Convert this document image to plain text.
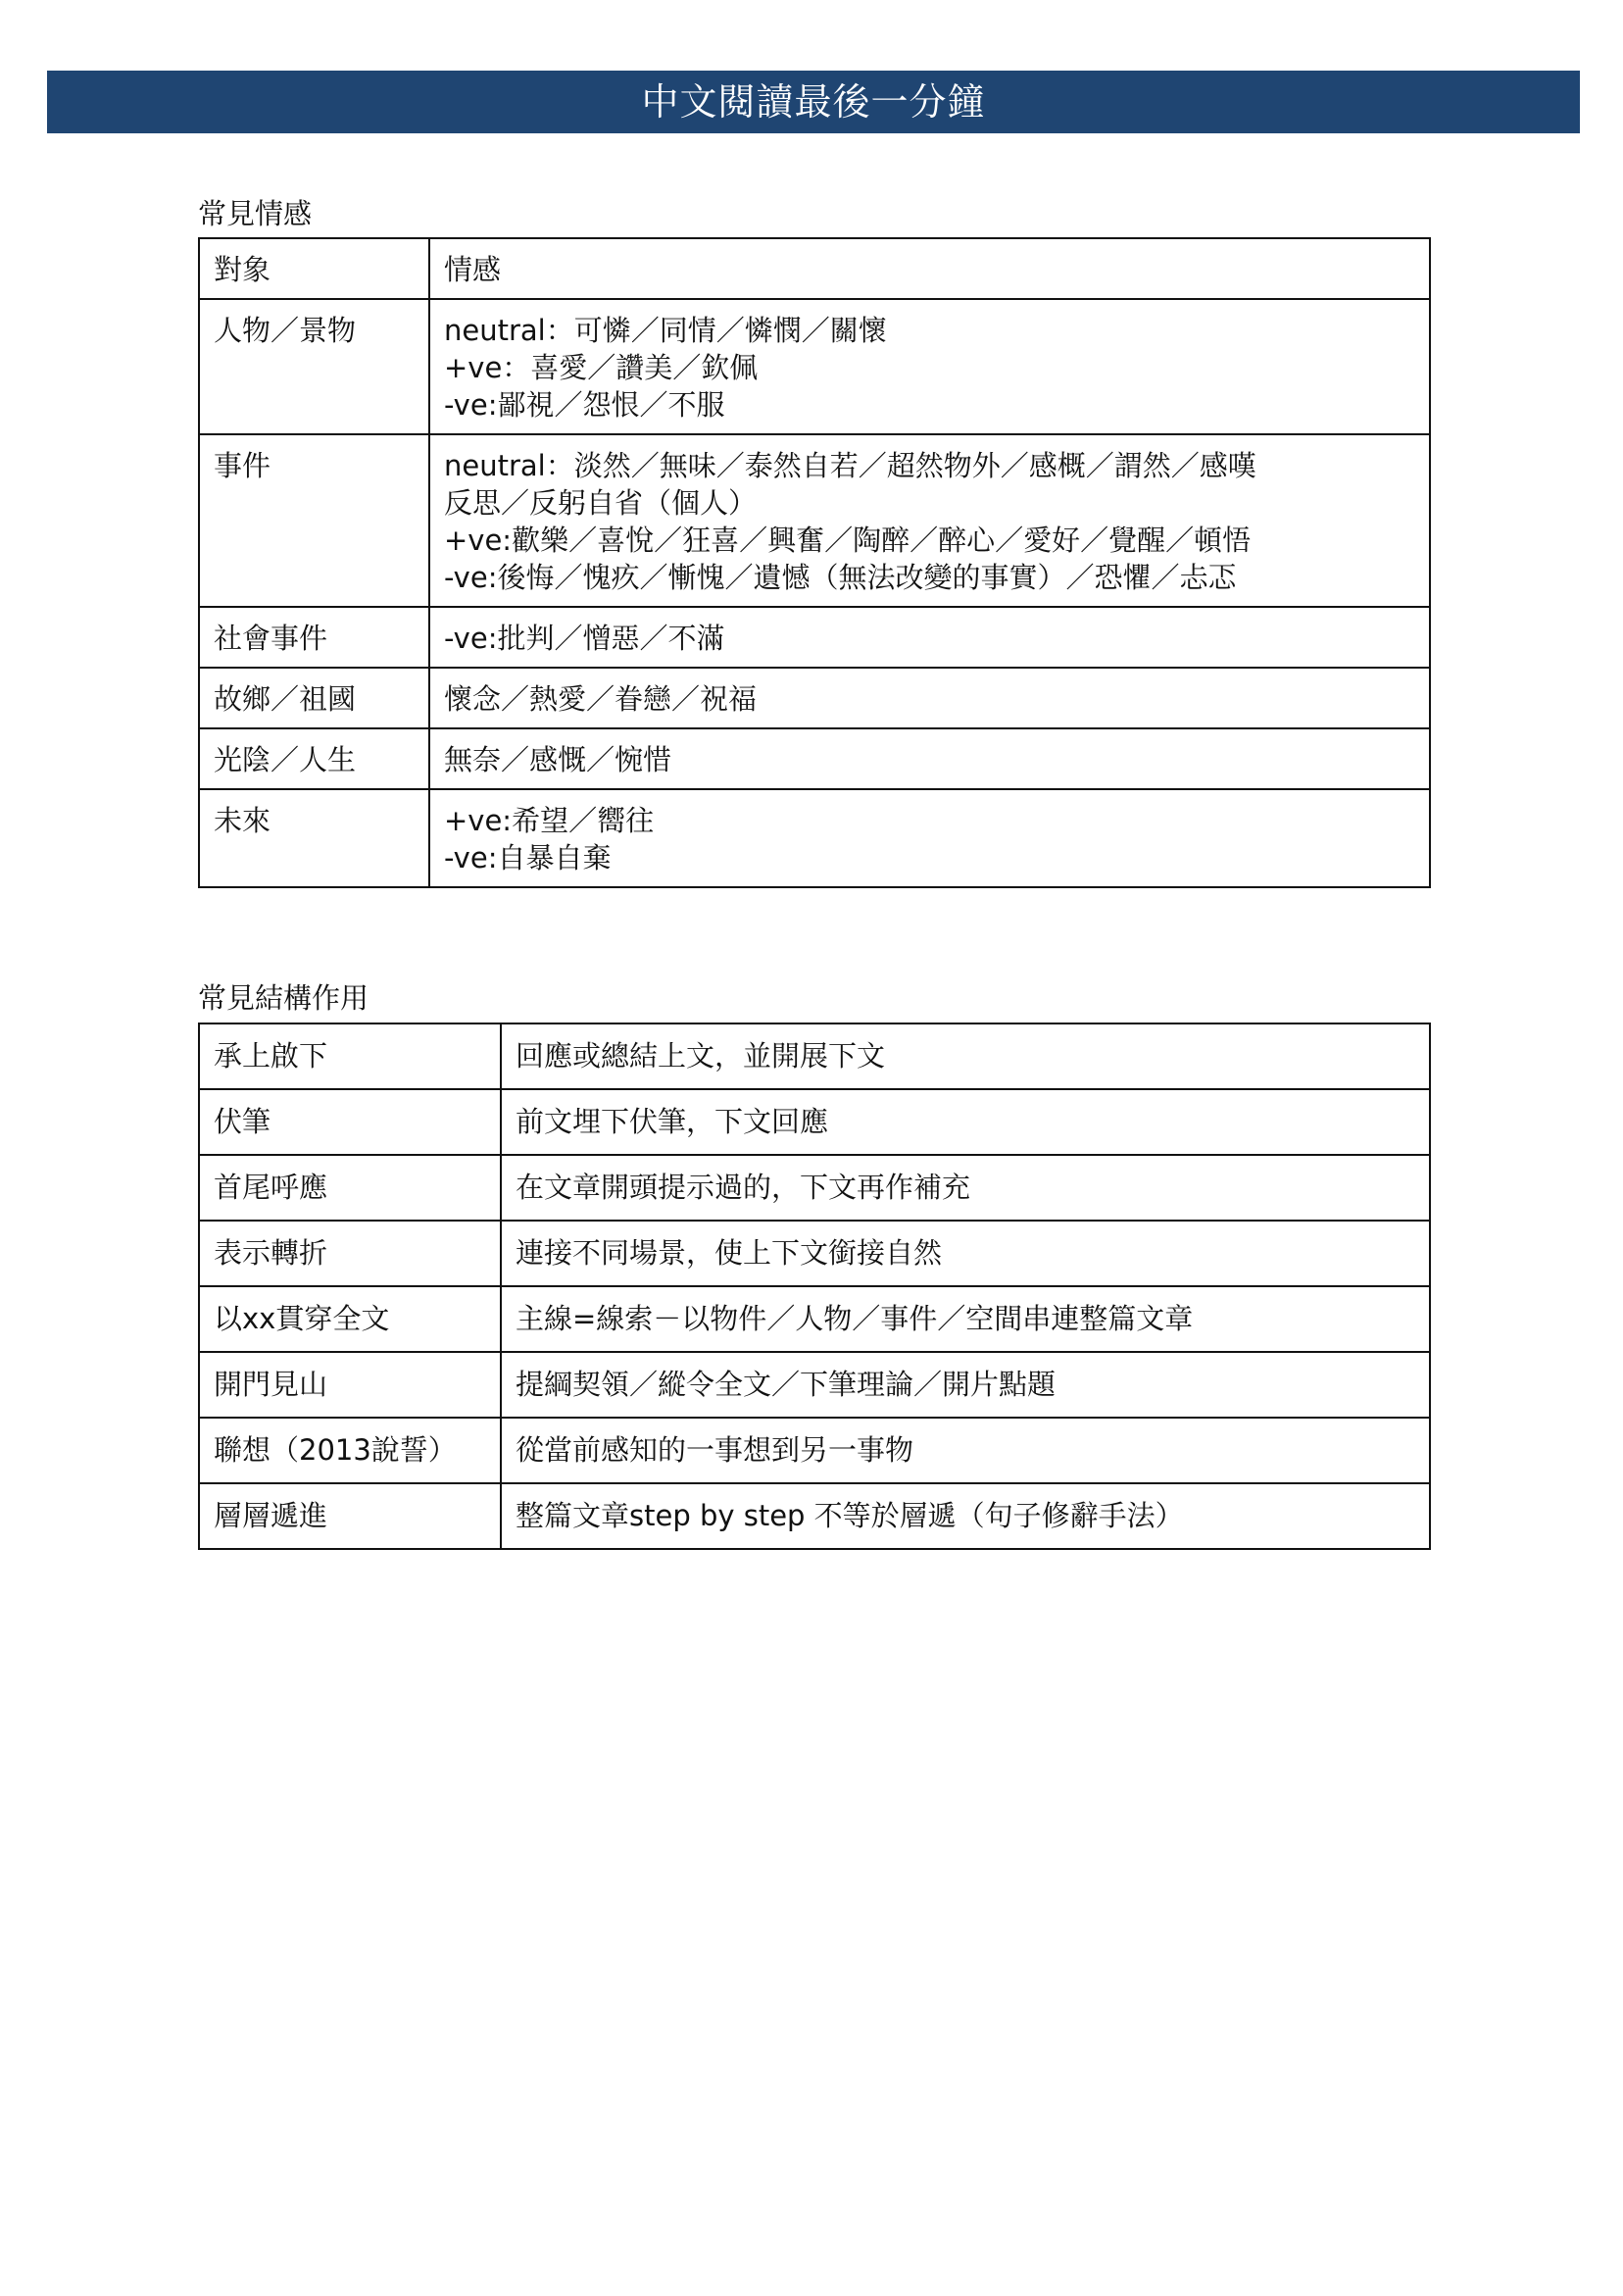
中文閱讀最後一分鐘
常見情感
對象	情感
人物／景物	neutral：可憐／同情／憐憫／關懷
+ve：喜愛／讚美／欽佩
-ve:鄙視／怨恨／不服

事件	neutral：淡然／無味／泰然自若／超然物外／感概／謂然／感嘆
反思／反躬自省（個人）
+ve:歡樂／喜悅／狂喜／興奮／陶醉／醉心／愛好／覺醒／頓悟
-ve:後悔／愧疚／慚愧／遺憾（無法改變的事實）／恐懼／忐忑

社會事件	-ve:批判／憎惡／不滿

故鄉／祖國	懷念／熱愛／眷戀／祝福

光陰／人生	無奈／感慨／惋惜

未來	+ve:希望／嚮往
-ve:自暴自棄
常見結構作用
承上啟下	回應或總結上文，並開展下文
伏筆	前文埋下伏筆，下文回應
首尾呼應	在文章開頭提示過的，下文再作補充
表示轉折	連接不同場景，使上下文銜接自然
以xx貫穿全文	主線=線索－以物件／人物／事件／空間串連整篇文章
開門見山	提綱契領／縱令全文／下筆理論／開片點題
聯想（2013說誓）	從當前感知的一事想到另一事物
層層遞進	整篇文章step by step 不等於層遞（句子修辭手法）
